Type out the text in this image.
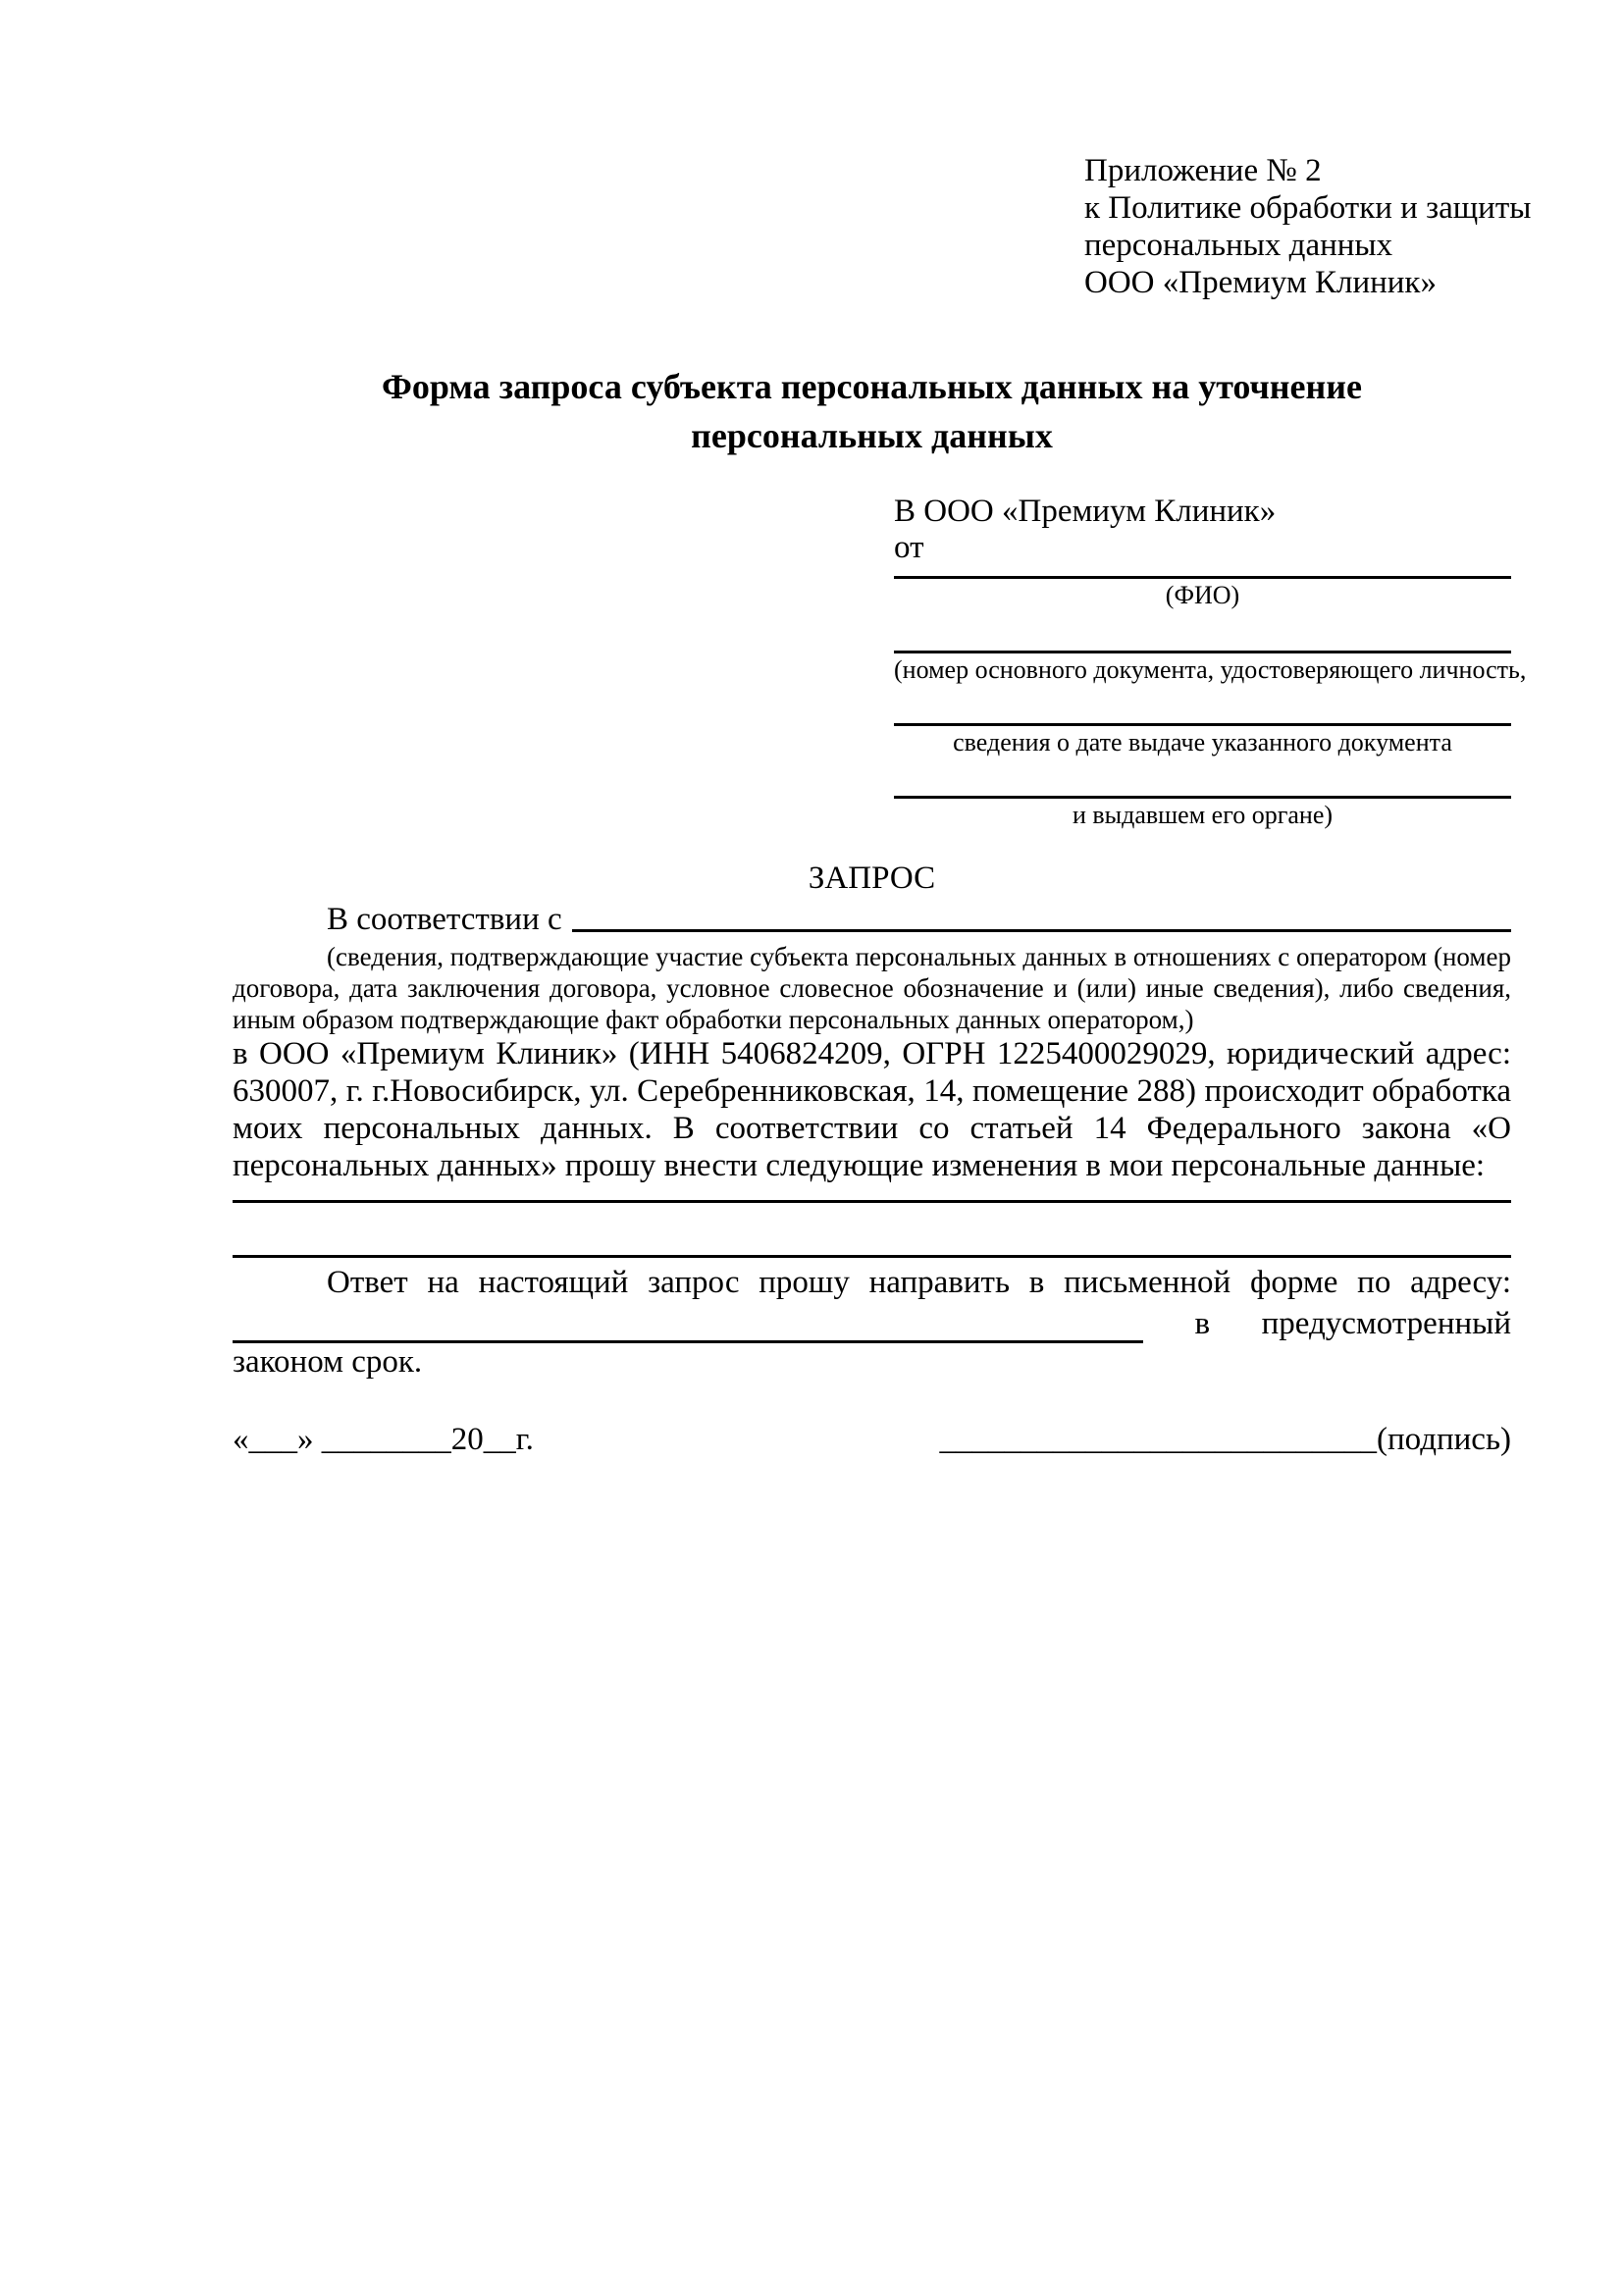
Приложение № 2
к Политике обработки и защиты
персональных данных
ООО «Премиум Клиник»
Форма запроса субъекта персональных данных на уточнение
персональных данных
В ООО «Премиум Клиник»
от
(ФИО)
(номер основного документа, удостоверяющего личность,
сведения о дате выдаче указанного документа
и выдавшем его органе)
ЗАПРОС
В соответствии с
(сведения, подтверждающие участие субъекта персональных данных в отношениях с оператором (номер договора, дата заключения договора, условное словесное обозначение и (или) иные сведения), либо сведения, иным образом подтверждающие факт обработки персональных данных оператором,)
в ООО «Премиум Клиник» (ИНН 5406824209, ОГРН 1225400029029, юридический адрес: 630007, г. г.Новосибирск, ул. Серебренниковская, 14, помещение 288) происходит обработка моих персональных данных. В соответствии со статьей 14 Федерального закона «О персональных данных» прошу внести следующие изменения в мои персональные данные:
Ответ на настоящий запрос прошу направить в письменной форме по адресу:
в предусмотренный
законом срок.
«___» ________20__г.	___________________________(подпись)
